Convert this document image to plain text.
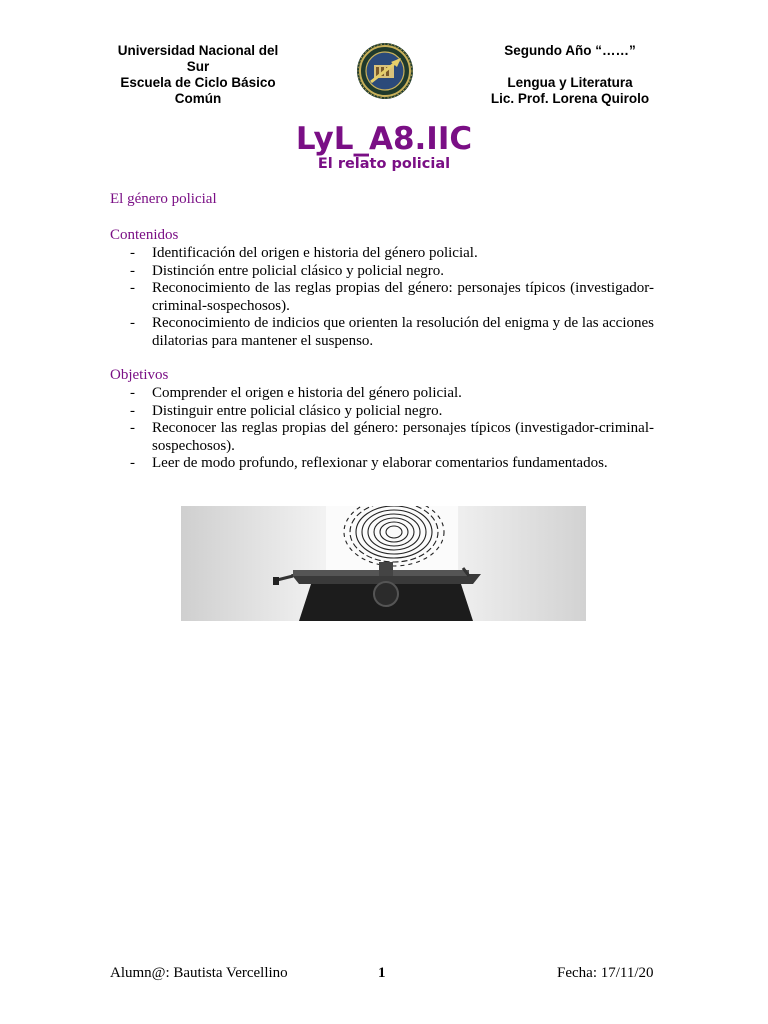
Universidad Nacional del
Sur
Escuela de Ciclo Básico
Común
Segundo Año “……”
Lengua y Literatura
Lic. Prof. Lorena Quirolo
LyL_A8.IIC
El relato policial
El género policial
Contenidos
- Identificación del origen e historia del género policial.
- Distinción entre policial clásico y policial negro.
- Reconocimiento de las reglas propias del género: personajes típicos (investigador- criminal-sospechosos).
- Reconocimiento de indicios que orienten la resolución del enigma y de las acciones dilatorias para mantener el suspenso.
Objetivos
- Comprender el origen e historia del género policial.
- Distinguir entre policial clásico y policial negro.
- Reconocer las reglas propias del género: personajes típicos (investigador-criminal-sospechosos).
- Leer de modo profundo, reflexionar y elaborar comentarios fundamentados.
Alumn@: Bautista Vercellino	1	Fecha: 17/11/20
